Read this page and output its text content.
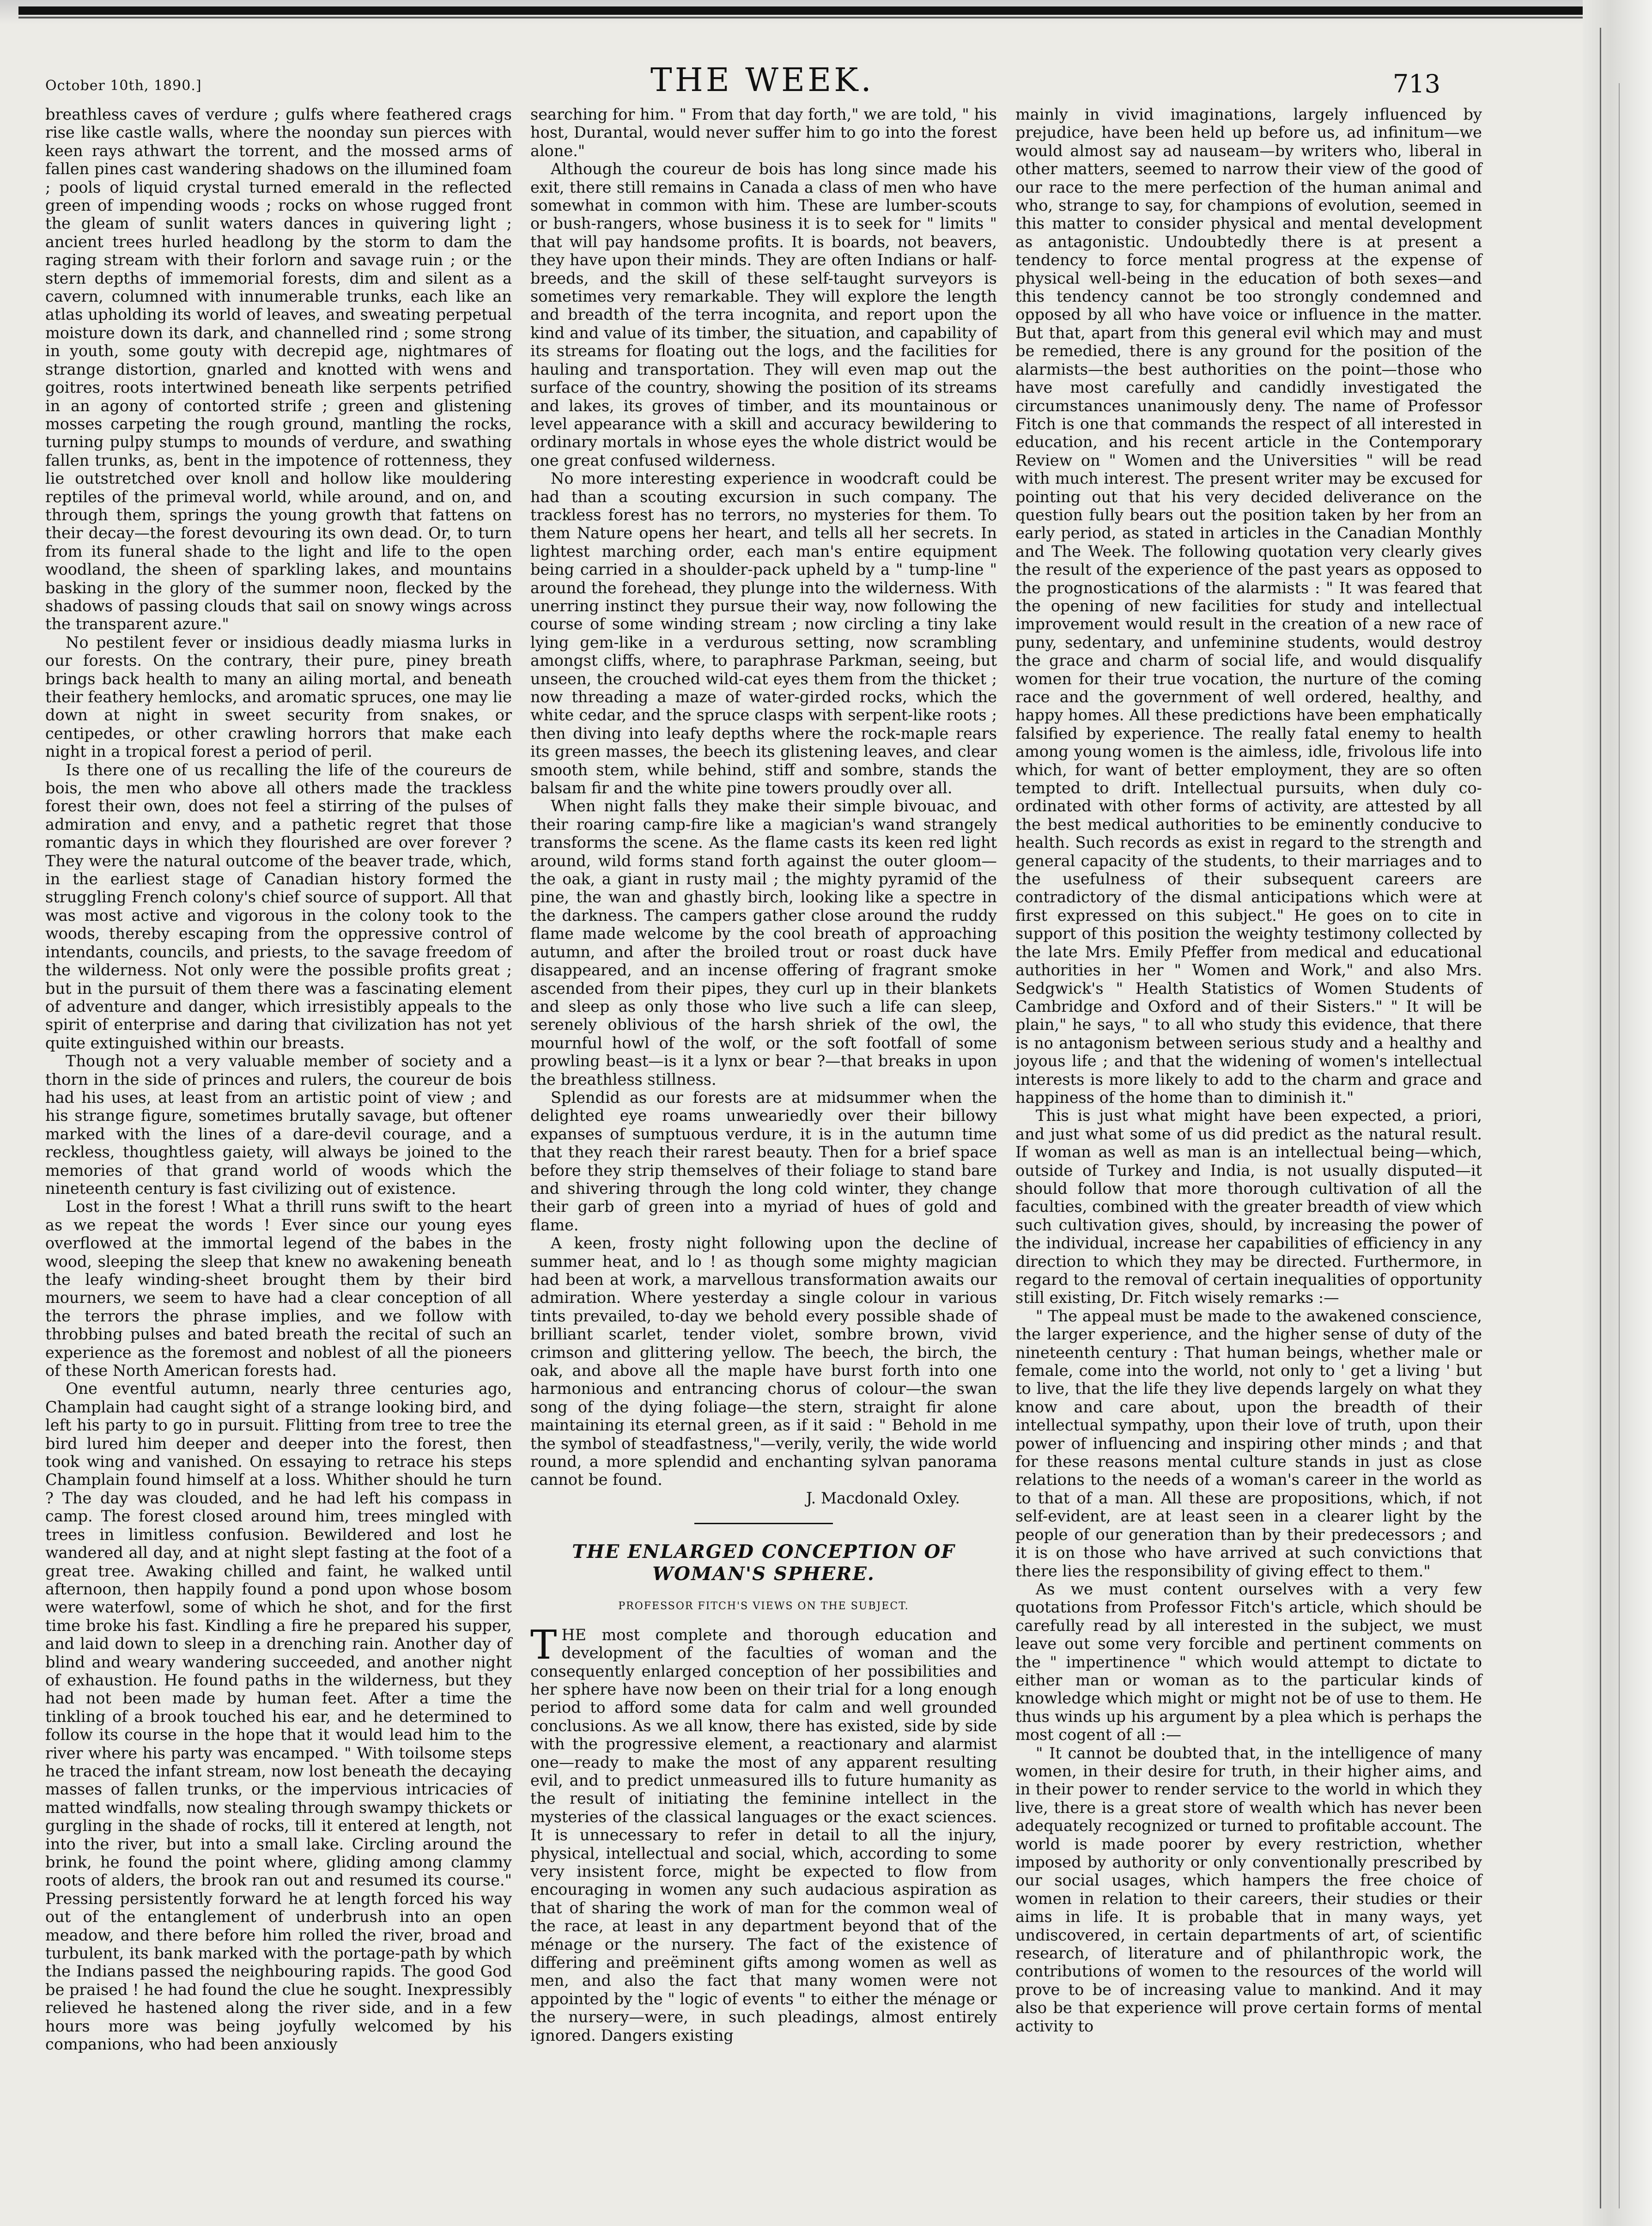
October 10th, 1890.]	THE WEEK.	713

breathless caves of verdure ; gulfs where feathered crags rise like castle walls, where the noonday sun pierces with keen rays athwart the torrent, and the mossed arms of fallen pines cast wandering shadows on the illumined foam ; pools of liquid crystal turned emerald in the reflected green of impending woods ; rocks on whose rugged front the gleam of sunlit waters dances in quivering light ; ancient trees hurled headlong by the storm to dam the raging stream with their forlorn and savage ruin ; or the stern depths of immemorial forests, dim and silent as a cavern, columned with innumerable trunks, each like an atlas upholding its world of leaves, and sweating perpetual moisture down its dark, and channelled rind ; some strong in youth, some gouty with decrepid age, nightmares of strange distortion, gnarled and knotted with wens and goitres, roots intertwined beneath like serpents petrified in an agony of contorted strife ; green and glistening mosses carpeting the rough ground, mantling the rocks, turning pulpy stumps to mounds of verdure, and swathing fallen trunks, as, bent in the impotence of rottenness, they lie outstretched over knoll and hollow like mouldering reptiles of the primeval world, while around, and on, and through them, springs the young growth that fattens on their decay—the forest devouring its own dead. Or, to turn from its funeral shade to the light and life to the open woodland, the sheen of sparkling lakes, and mountains basking in the glory of the summer noon, flecked by the shadows of passing clouds that sail on snowy wings across the transparent azure."

No pestilent fever or insidious deadly miasma lurks in our forests. On the contrary, their pure, piney breath brings back health to many an ailing mortal, and beneath their feathery hemlocks, and aromatic spruces, one may lie down at night in sweet security from snakes, or centipedes, or other crawling horrors that make each night in a tropical forest a period of peril.

Is there one of us recalling the life of the coureurs de bois, the men who above all others made the trackless forest their own, does not feel a stirring of the pulses of admiration and envy, and a pathetic regret that those romantic days in which they flourished are over forever ? They were the natural outcome of the beaver trade, which, in the earliest stage of Canadian history formed the struggling French colony's chief source of support. All that was most active and vigorous in the colony took to the woods, thereby escaping from the oppressive control of intendants, councils, and priests, to the savage freedom of the wilderness. Not only were the possible profits great ; but in the pursuit of them there was a fascinating element of adventure and danger, which irresistibly appeals to the spirit of enterprise and daring that civilization has not yet quite extinguished within our breasts.

Though not a very valuable member of society and a thorn in the side of princes and rulers, the coureur de bois had his uses, at least from an artistic point of view ; and his strange figure, sometimes brutally savage, but oftener marked with the lines of a dare-devil courage, and a reckless, thoughtless gaiety, will always be joined to the memories of that grand world of woods which the nineteenth century is fast civilizing out of existence.

Lost in the forest ! What a thrill runs swift to the heart as we repeat the words ! Ever since our young eyes overflowed at the immortal legend of the babes in the wood, sleeping the sleep that knew no awakening beneath the leafy winding-sheet brought them by their bird mourners, we seem to have had a clear conception of all the terrors the phrase implies, and we follow with throbbing pulses and bated breath the recital of such an experience as the foremost and noblest of all the pioneers of these North American forests had.

One eventful autumn, nearly three centuries ago, Champlain had caught sight of a strange looking bird, and left his party to go in pursuit. Flitting from tree to tree the bird lured him deeper and deeper into the forest, then took wing and vanished. On essaying to retrace his steps Champlain found himself at a loss. Whither should he turn ? The day was clouded, and he had left his compass in camp. The forest closed around him, trees mingled with trees in limitless confusion. Bewildered and lost he wandered all day, and at night slept fasting at the foot of a great tree. Awaking chilled and faint, he walked until afternoon, then happily found a pond upon whose bosom were waterfowl, some of which he shot, and for the first time broke his fast. Kindling a fire he prepared his supper, and laid down to sleep in a drenching rain. Another day of blind and weary wandering succeeded, and another night of exhaustion. He found paths in the wilderness, but they had not been made by human feet. After a time the tinkling of a brook touched his ear, and he determined to follow its course in the hope that it would lead him to the river where his party was encamped. " With toilsome steps he traced the infant stream, now lost beneath the decaying masses of fallen trunks, or the impervious intricacies of matted windfalls, now stealing through swampy thickets or gurgling in the shade of rocks, till it entered at length, not into the river, but into a small lake. Circling around the brink, he found the point where, gliding among clammy roots of alders, the brook ran out and resumed its course." Pressing persistently forward he at length forced his way out of the entanglement of underbrush into an open meadow, and there before him rolled the river, broad and turbulent, its bank marked with the portage-path by which the Indians passed the neighbouring rapids. The good God be praised ! he had found the clue he sought. Inexpressibly relieved he hastened along the river side, and in a few hours more was being joyfully welcomed by his companions, who had been anxiously

searching for him. " From that day forth," we are told, " his host, Durantal, would never suffer him to go into the forest alone."

Although the coureur de bois has long since made his exit, there still remains in Canada a class of men who have somewhat in common with him. These are lumber-scouts or bush-rangers, whose business it is to seek for " limits " that will pay handsome profits. It is boards, not beavers, they have upon their minds. They are often Indians or half-breeds, and the skill of these self-taught surveyors is sometimes very remarkable. They will explore the length and breadth of the terra incognita, and report upon the kind and value of its timber, the situation, and capability of its streams for floating out the logs, and the facilities for hauling and transportation. They will even map out the surface of the country, showing the position of its streams and lakes, its groves of timber, and its mountainous or level appearance with a skill and accuracy bewildering to ordinary mortals in whose eyes the whole district would be one great confused wilderness.

No more interesting experience in woodcraft could be had than a scouting excursion in such company. The trackless forest has no terrors, no mysteries for them. To them Nature opens her heart, and tells all her secrets. In lightest marching order, each man's entire equipment being carried in a shoulder-pack upheld by a " tump-line " around the forehead, they plunge into the wilderness. With unerring instinct they pursue their way, now following the course of some winding stream ; now circling a tiny lake lying gem-like in a verdurous setting, now scrambling amongst cliffs, where, to paraphrase Parkman, seeing, but unseen, the crouched wild-cat eyes them from the thicket ; now threading a maze of water-girded rocks, which the white cedar, and the spruce clasps with serpent-like roots ; then diving into leafy depths where the rock-maple rears its green masses, the beech its glistening leaves, and clear smooth stem, while behind, stiff and sombre, stands the balsam fir and the white pine towers proudly over all.

When night falls they make their simple bivouac, and their roaring camp-fire like a magician's wand strangely transforms the scene. As the flame casts its keen red light around, wild forms stand forth against the outer gloom—the oak, a giant in rusty mail ; the mighty pyramid of the pine, the wan and ghastly birch, looking like a spectre in the darkness. The campers gather close around the ruddy flame made welcome by the cool breath of approaching autumn, and after the broiled trout or roast duck have disappeared, and an incense offering of fragrant smoke ascended from their pipes, they curl up in their blankets and sleep as only those who live such a life can sleep, serenely oblivious of the harsh shriek of the owl, the mournful howl of the wolf, or the soft footfall of some prowling beast—is it a lynx or bear ?—that breaks in upon the breathless stillness.

Splendid as our forests are at midsummer when the delighted eye roams unweariedly over their billowy expanses of sumptuous verdure, it is in the autumn time that they reach their rarest beauty. Then for a brief space before they strip themselves of their foliage to stand bare and shivering through the long cold winter, they change their garb of green into a myriad of hues of gold and flame.

A keen, frosty night following upon the decline of summer heat, and lo ! as though some mighty magician had been at work, a marvellous transformation awaits our admiration. Where yesterday a single colour in various tints prevailed, to-day we behold every possible shade of brilliant scarlet, tender violet, sombre brown, vivid crimson and glittering yellow. The beech, the birch, the oak, and above all the maple have burst forth into one harmonious and entrancing chorus of colour—the swan song of the dying foliage—the stern, straight fir alone maintaining its eternal green, as if it said : " Behold in me the symbol of steadfastness,"—verily, verily, the wide world round, a more splendid and enchanting sylvan panorama cannot be found.

J. Macdonald Oxley.

THE ENLARGED CONCEPTION OF WOMAN'S SPHERE.
PROFESSOR FITCH'S VIEWS ON THE SUBJECT.

THE most complete and thorough education and development of the faculties of woman and the consequently enlarged conception of her possibilities and her sphere have now been on their trial for a long enough period to afford some data for calm and well grounded conclusions. As we all know, there has existed, side by side with the progressive element, a reactionary and alarmist one—ready to make the most of any apparent resulting evil, and to predict unmeasured ills to future humanity as the result of initiating the feminine intellect in the mysteries of the classical languages or the exact sciences. It is unnecessary to refer in detail to all the injury, physical, intellectual and social, which, according to some very insistent force, might be expected to flow from encouraging in women any such audacious aspiration as that of sharing the work of man for the common weal of the race, at least in any department beyond that of the ménage or the nursery. The fact of the existence of differing and preëminent gifts among women as well as men, and also the fact that many women were not appointed by the " logic of events " to either the ménage or the nursery—were, in such pleadings, almost entirely ignored. Dangers existing

mainly in vivid imaginations, largely influenced by prejudice, have been held up before us, ad infinitum—we would almost say ad nauseam—by writers who, liberal in other matters, seemed to narrow their view of the good of our race to the mere perfection of the human animal and who, strange to say, for champions of evolution, seemed in this matter to consider physical and mental development as antagonistic. Undoubtedly there is at present a tendency to force mental progress at the expense of physical well-being in the education of both sexes—and this tendency cannot be too strongly condemned and opposed by all who have voice or influence in the matter. But that, apart from this general evil which may and must be remedied, there is any ground for the position of the alarmists—the best authorities on the point—those who have most carefully and candidly investigated the circumstances unanimously deny. The name of Professor Fitch is one that commands the respect of all interested in education, and his recent article in the Contemporary Review on " Women and the Universities " will be read with much interest. The present writer may be excused for pointing out that his very decided deliverance on the question fully bears out the position taken by her from an early period, as stated in articles in the Canadian Monthly and The Week. The following quotation very clearly gives the result of the experience of the past years as opposed to the prognostications of the alarmists : " It was feared that the opening of new facilities for study and intellectual improvement would result in the creation of a new race of puny, sedentary, and unfeminine students, would destroy the grace and charm of social life, and would disqualify women for their true vocation, the nurture of the coming race and the government of well ordered, healthy, and happy homes. All these predictions have been emphatically falsified by experience. The really fatal enemy to health among young women is the aimless, idle, frivolous life into which, for want of better employment, they are so often tempted to drift. Intellectual pursuits, when duly co-ordinated with other forms of activity, are attested by all the best medical authorities to be eminently conducive to health. Such records as exist in regard to the strength and general capacity of the students, to their marriages and to the usefulness of their subsequent careers are contradictory of the dismal anticipations which were at first expressed on this subject." He goes on to cite in support of this position the weighty testimony collected by the late Mrs. Emily Pfeffer from medical and educational authorities in her " Women and Work," and also Mrs. Sedgwick's " Health Statistics of Women Students of Cambridge and Oxford and of their Sisters." " It will be plain," he says, " to all who study this evidence, that there is no antagonism between serious study and a healthy and joyous life ; and that the widening of women's intellectual interests is more likely to add to the charm and grace and happiness of the home than to diminish it."

This is just what might have been expected, a priori, and just what some of us did predict as the natural result. If woman as well as man is an intellectual being—which, outside of Turkey and India, is not usually disputed—it should follow that more thorough cultivation of all the faculties, combined with the greater breadth of view which such cultivation gives, should, by increasing the power of the individual, increase her capabilities of efficiency in any direction to which they may be directed. Furthermore, in regard to the removal of certain inequalities of opportunity still existing, Dr. Fitch wisely remarks :—

" The appeal must be made to the awakened conscience, the larger experience, and the higher sense of duty of the nineteenth century : That human beings, whether male or female, come into the world, not only to ' get a living ' but to live, that the life they live depends largely on what they know and care about, upon the breadth of their intellectual sympathy, upon their love of truth, upon their power of influencing and inspiring other minds ; and that for these reasons mental culture stands in just as close relations to the needs of a woman's career in the world as to that of a man. All these are propositions, which, if not self-evident, are at least seen in a clearer light by the people of our generation than by their predecessors ; and it is on those who have arrived at such convictions that there lies the responsibility of giving effect to them."

As we must content ourselves with a very few quotations from Professor Fitch's article, which should be carefully read by all interested in the subject, we must leave out some very forcible and pertinent comments on the " impertinence " which would attempt to dictate to either man or woman as to the particular kinds of knowledge which might or might not be of use to them. He thus winds up his argument by a plea which is perhaps the most cogent of all :—

" It cannot be doubted that, in the intelligence of many women, in their desire for truth, in their higher aims, and in their power to render service to the world in which they live, there is a great store of wealth which has never been adequately recognized or turned to profitable account. The world is made poorer by every restriction, whether imposed by authority or only conventionally prescribed by our social usages, which hampers the free choice of women in relation to their careers, their studies or their aims in life. It is probable that in many ways, yet undiscovered, in certain departments of art, of scientific research, of literature and of philanthropic work, the contributions of women to the resources of the world will prove to be of increasing value to mankind. And it may also be that experience will prove certain forms of mental activity to
